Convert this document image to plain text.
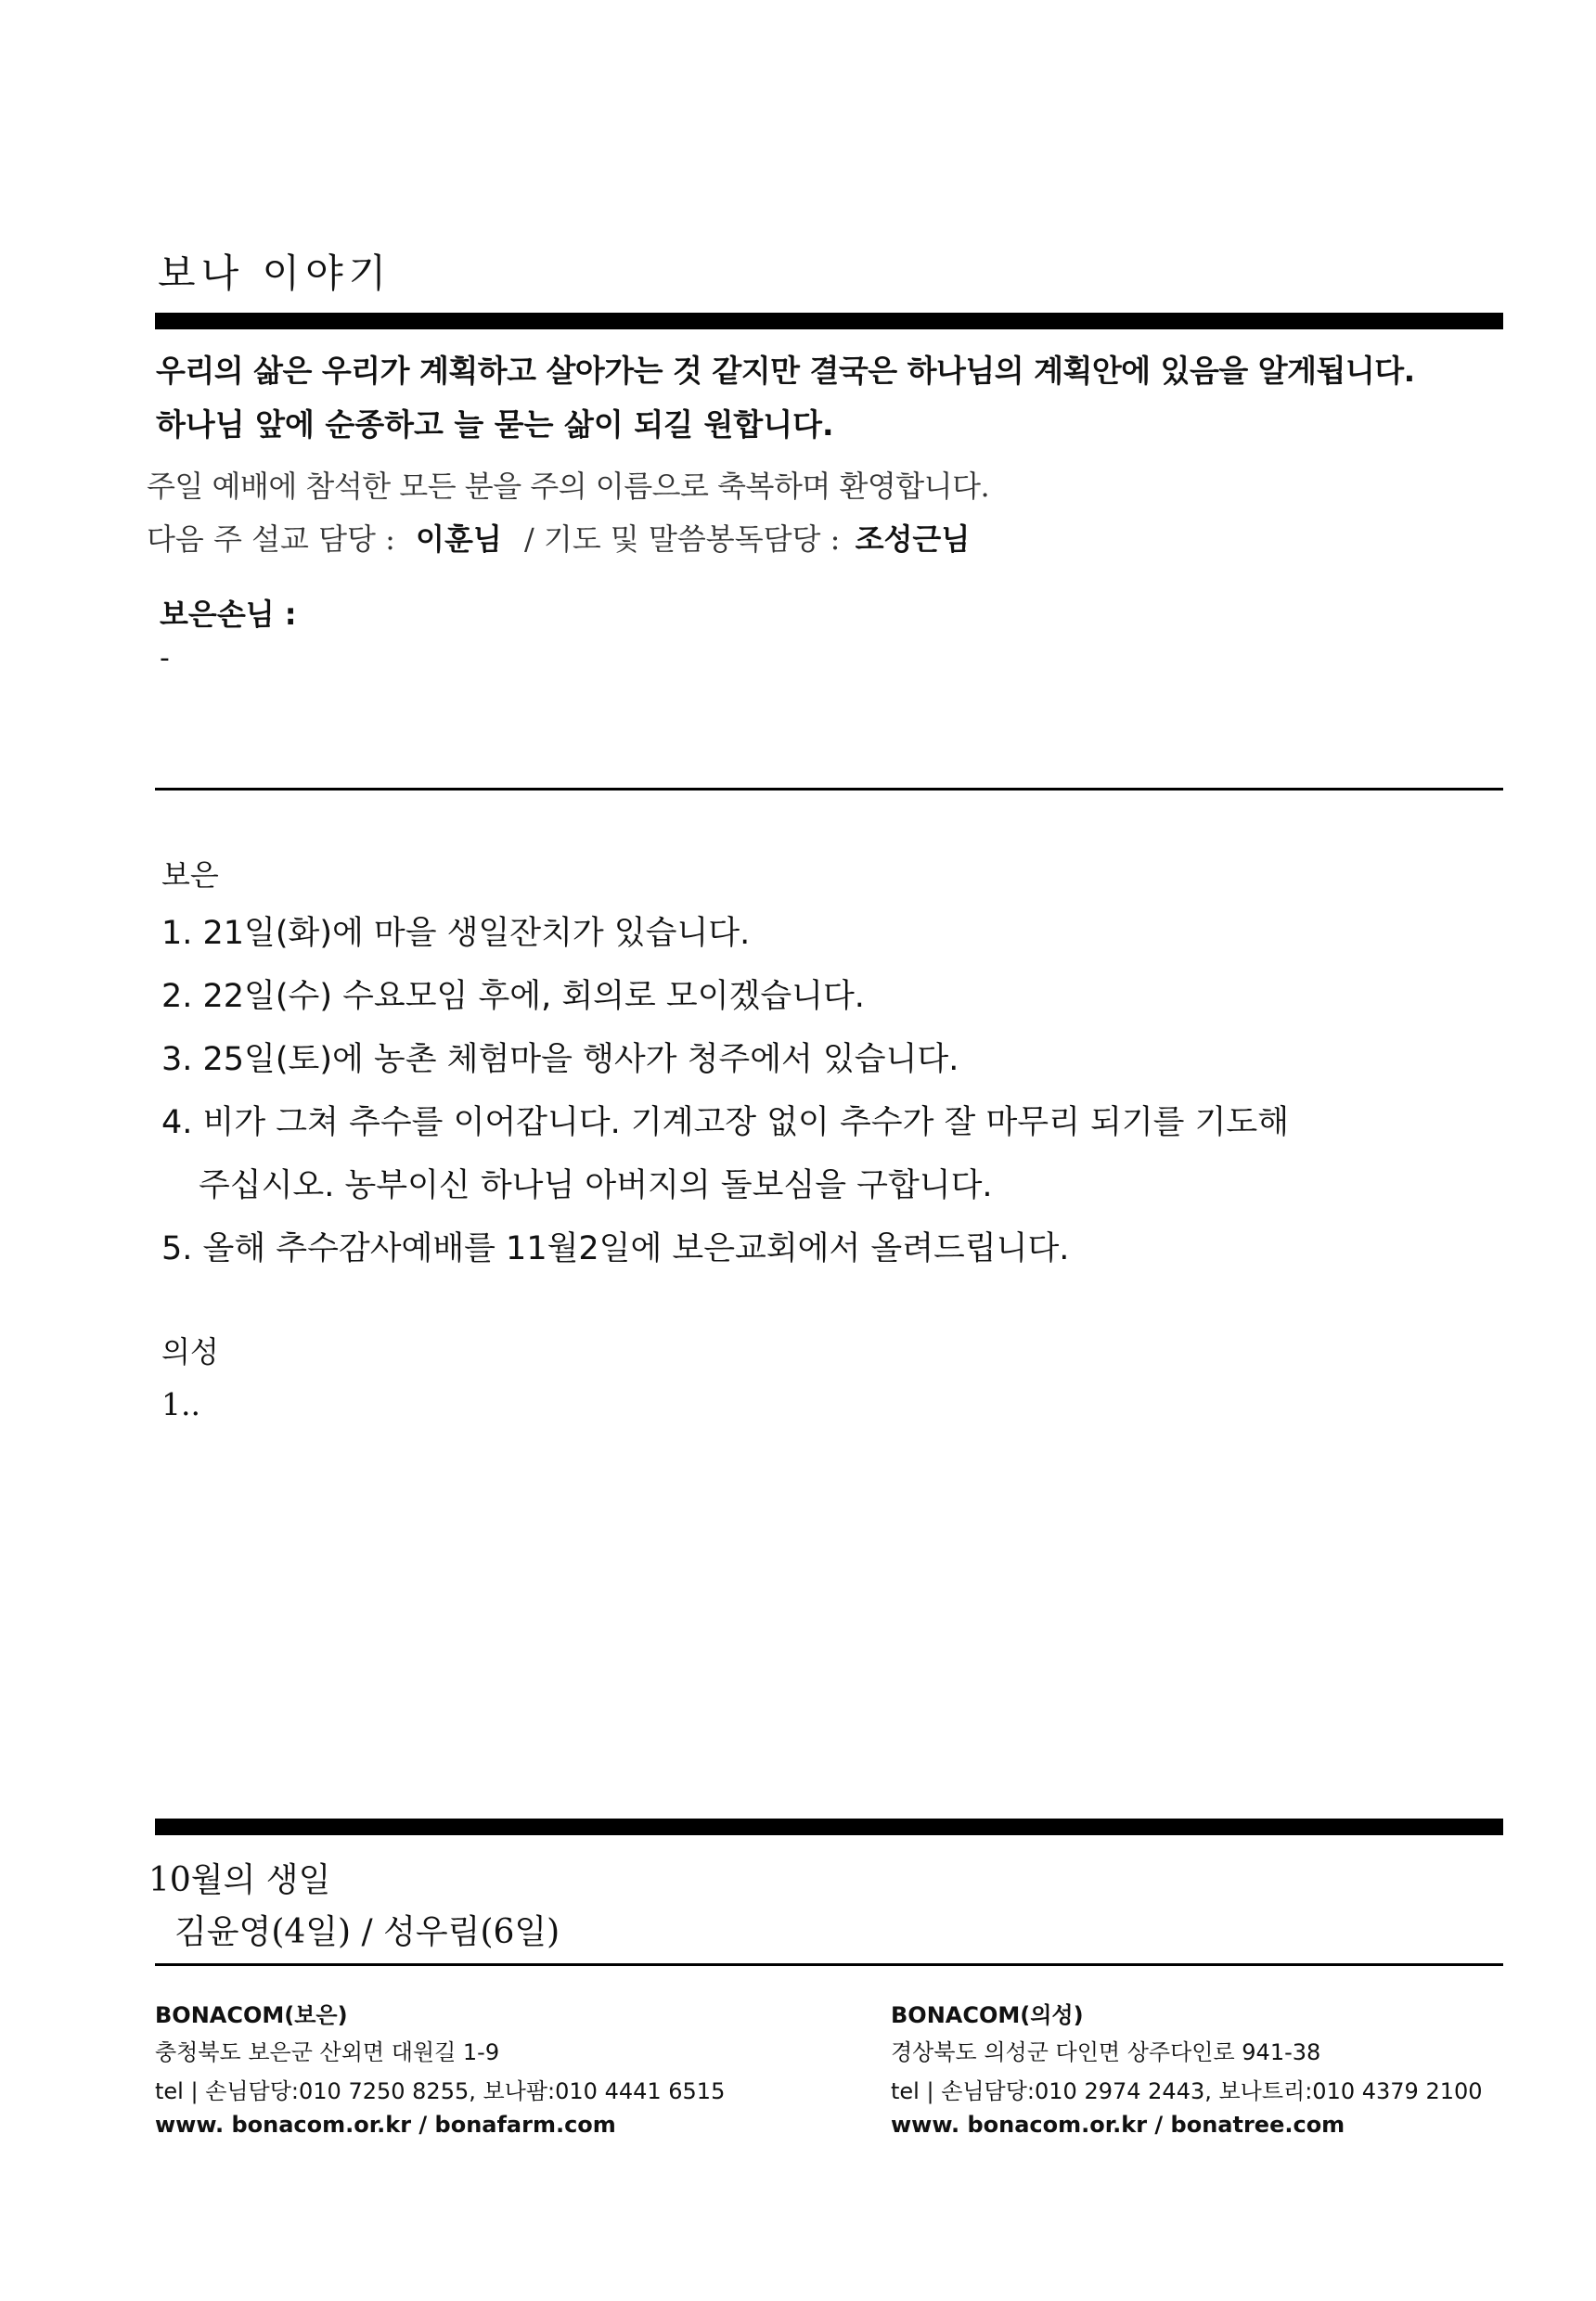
보나 이야기
우리의 삶은 우리가 계획하고 살아가는 것 같지만 결국은 하나님의 계획안에 있음을 알게됩니다.
하나님 앞에 순종하고 늘 묻는 삶이 되길 원합니다.
주일 예배에 참석한 모든 분을 주의 이름으로 축복하며 환영합니다.
다음 주 설교 담당 : 이훈님 / 기도 및 말씀봉독담당 : 조성근님
보은손님 :
-
보은
1. 21일(화)에 마을 생일잔치가 있습니다.
2. 22일(수) 수요모임 후에, 회의로 모이겠습니다.
3. 25일(토)에 농촌 체험마을 행사가 청주에서 있습니다.
4. 비가 그쳐 추수를 이어갑니다. 기계고장 없이 추수가 잘 마무리 되기를 기도해
주십시오. 농부이신 하나님 아버지의 돌보심을 구합니다.
5. 올해 추수감사예배를 11월2일에 보은교회에서 올려드립니다.
의성
1..
10월의 생일
김윤영(4일) / 성우림(6일)
BONACOM(보은)
충청북도 보은군 산외면 대원길 1-9
tel | 손님담당:010 7250 8255, 보나팜:010 4441 6515
www. bonacom.or.kr / bonafarm.com
BONACOM(의성)
경상북도 의성군 다인면 상주다인로 941-38
tel | 손님담당:010 2974 2443, 보나트리:010 4379 2100
www. bonacom.or.kr / bonatree.com
